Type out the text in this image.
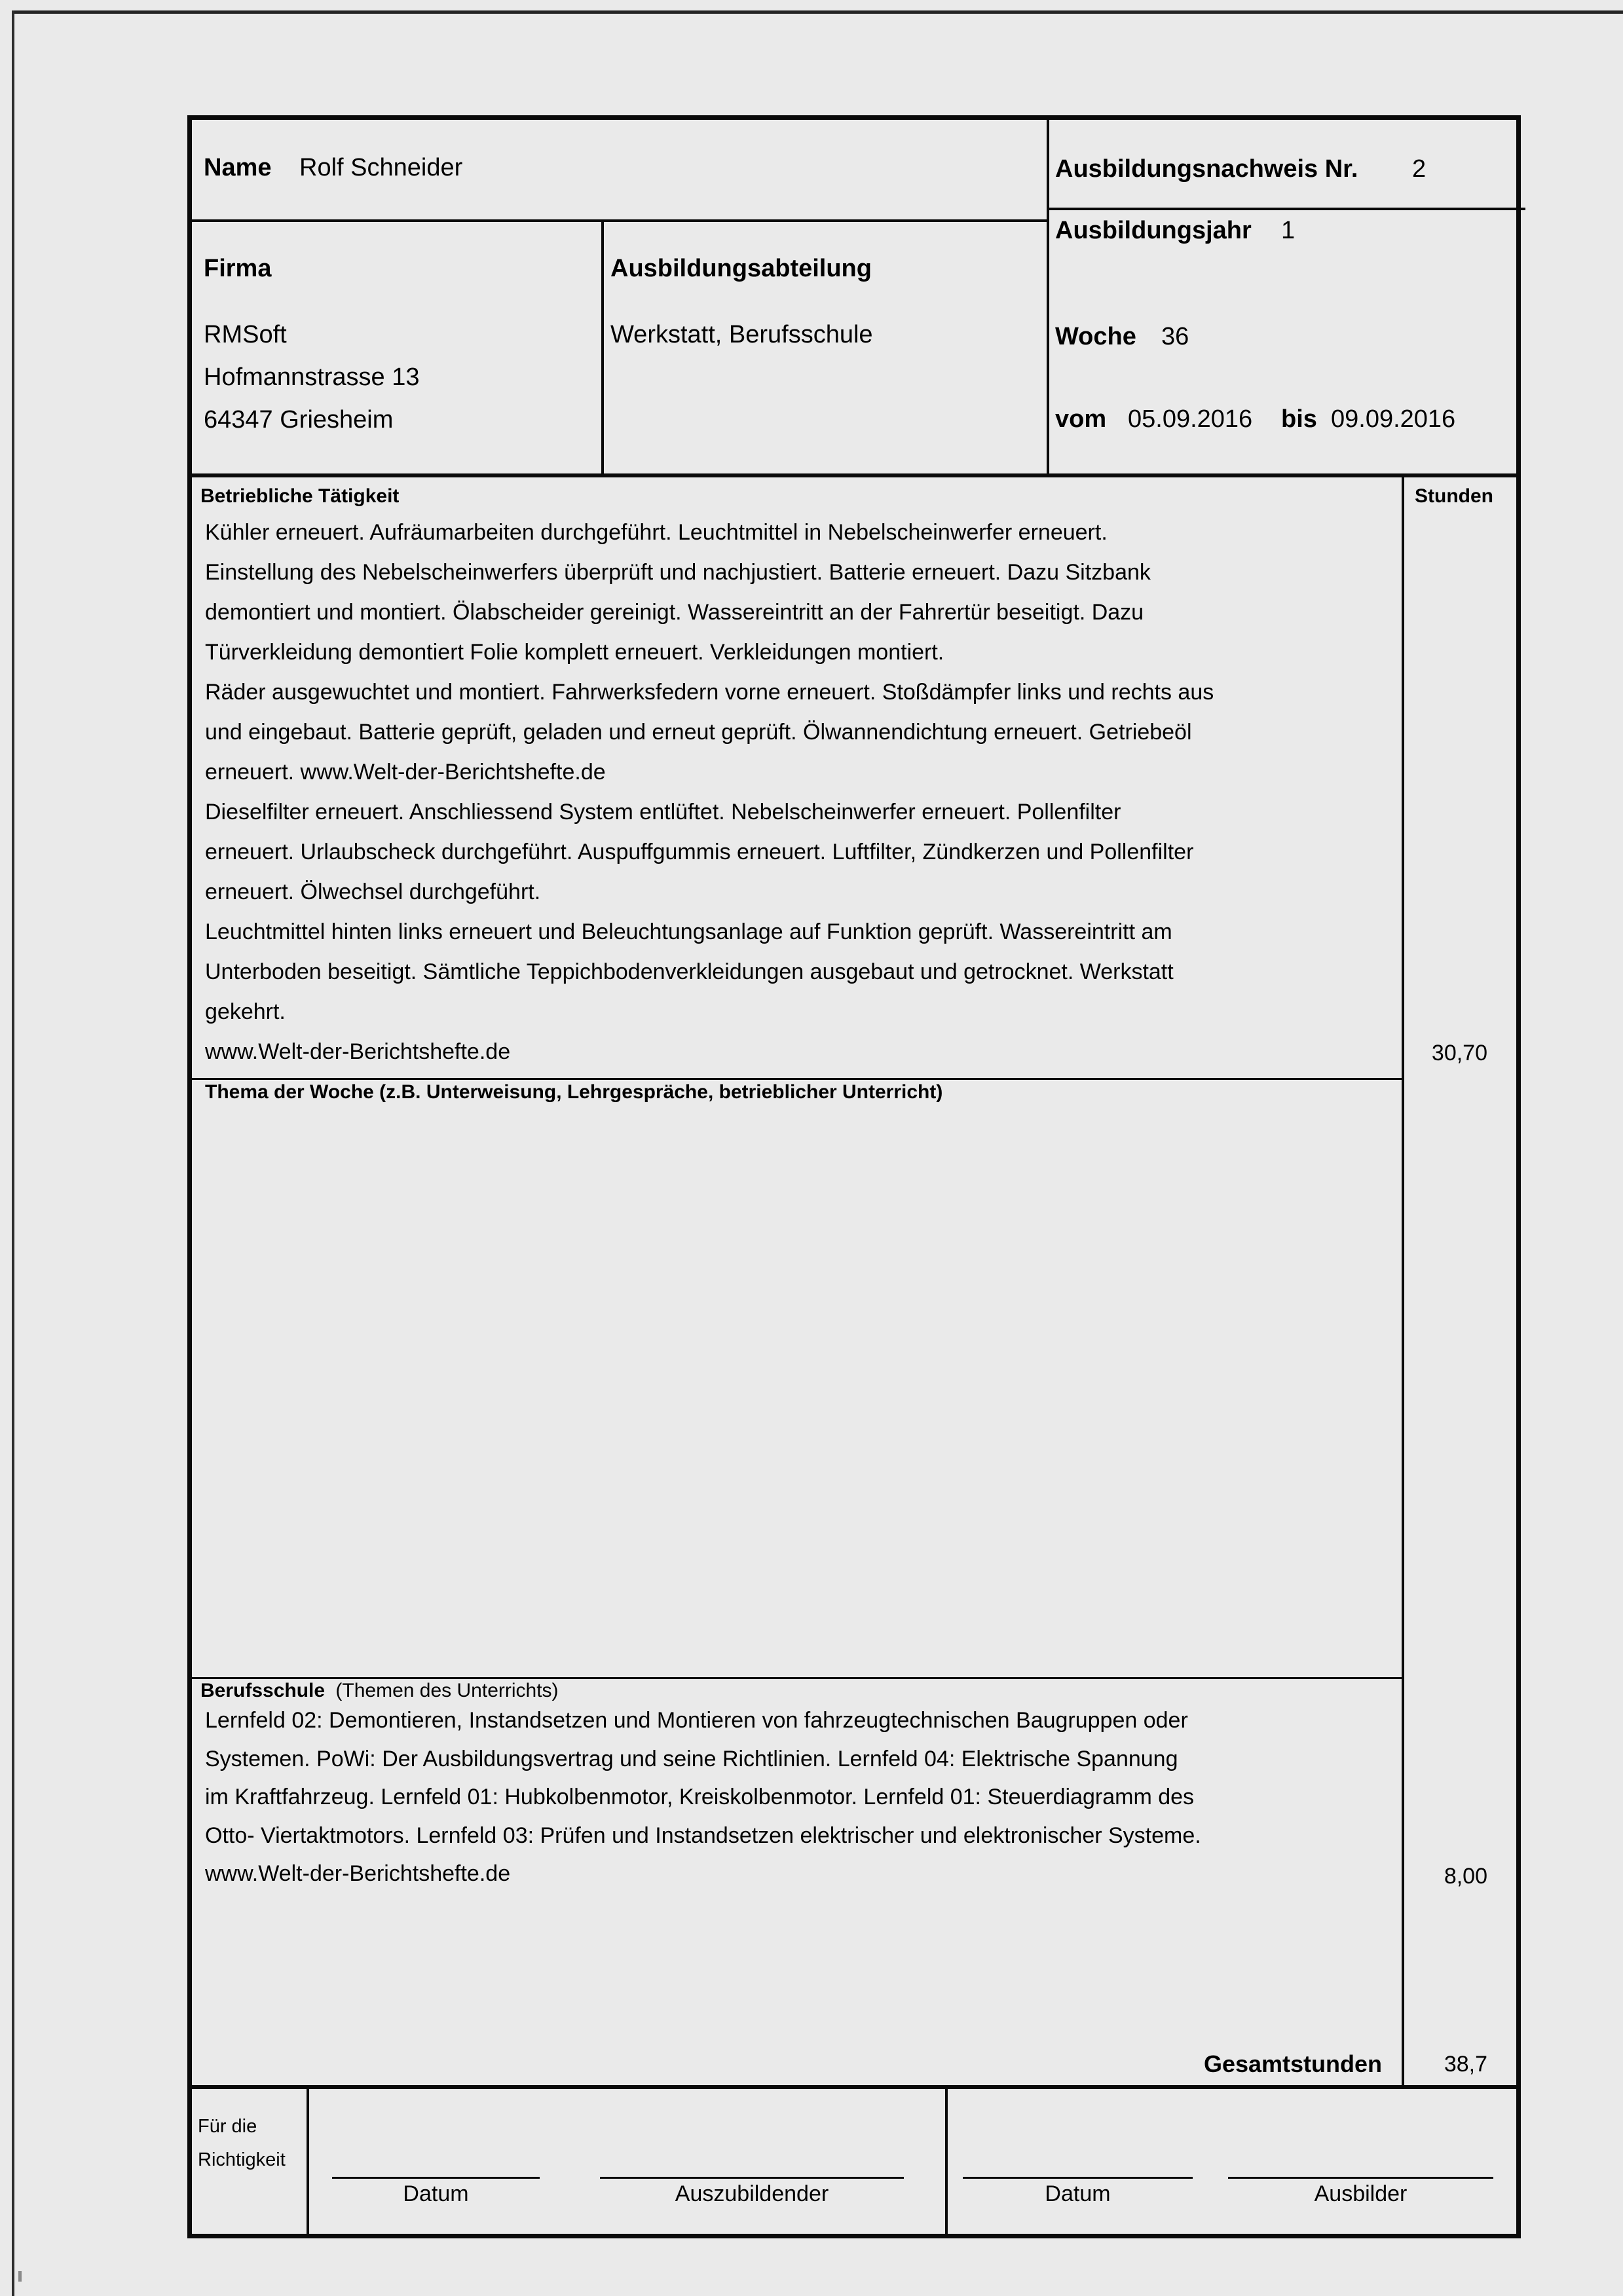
Name Rolf Schneider
Firma
RMSoft
Hofmannstrasse 13
64347 Griesheim
Ausbildungsabteilung
Werkstatt, Berufsschule
Ausbildungsnachweis Nr. 2
Ausbildungsjahr 1
Woche 36
vom 05.09.2016 bis 09.09.2016
Betriebliche Tätigkeit	Stunden
Kühler erneuert. Aufräumarbeiten durchgeführt. Leuchtmittel in Nebelscheinwerfer erneuert.
Einstellung des Nebelscheinwerfers überprüft und nachjustiert. Batterie erneuert. Dazu Sitzbank
demontiert und montiert. Ölabscheider gereinigt. Wassereintritt an der Fahrertür beseitigt. Dazu
Türverkleidung demontiert Folie komplett erneuert. Verkleidungen montiert.
Räder ausgewuchtet und montiert. Fahrwerksfedern vorne erneuert. Stoßdämpfer links und rechts aus
und eingebaut. Batterie geprüft, geladen und erneut geprüft. Ölwannendichtung erneuert. Getriebeöl
erneuert. www.Welt-der-Berichtshefte.de
Dieselfilter erneuert. Anschliessend System entlüftet. Nebelscheinwerfer erneuert. Pollenfilter
erneuert. Urlaubscheck durchgeführt. Auspuffgummis erneuert. Luftfilter, Zündkerzen und Pollenfilter
erneuert. Ölwechsel durchgeführt.
Leuchtmittel hinten links erneuert und Beleuchtungsanlage auf Funktion geprüft. Wassereintritt am
Unterboden beseitigt. Sämtliche Teppichbodenverkleidungen ausgebaut und getrocknet. Werkstatt
gekehrt.
www.Welt-der-Berichtshefte.de	30,70
Thema der Woche (z.B. Unterweisung, Lehrgespräche, betrieblicher Unterricht)
Berufsschule (Themen des Unterrichts)
Lernfeld 02: Demontieren, Instandsetzen und Montieren von fahrzeugtechnischen Baugruppen oder
Systemen. PoWi: Der Ausbildungsvertrag und seine Richtlinien. Lernfeld 04: Elektrische Spannung
im Kraftfahrzeug. Lernfeld 01: Hubkolbenmotor, Kreiskolbenmotor. Lernfeld 01: Steuerdiagramm des
Otto- Viertaktmotors. Lernfeld 03: Prüfen und Instandsetzen elektrischer und elektronischer Systeme.
www.Welt-der-Berichtshefte.de	8,00
Gesamtstunden	38,7
Für die
Richtigkeit
Datum	Auszubildender	Datum	Ausbilder
